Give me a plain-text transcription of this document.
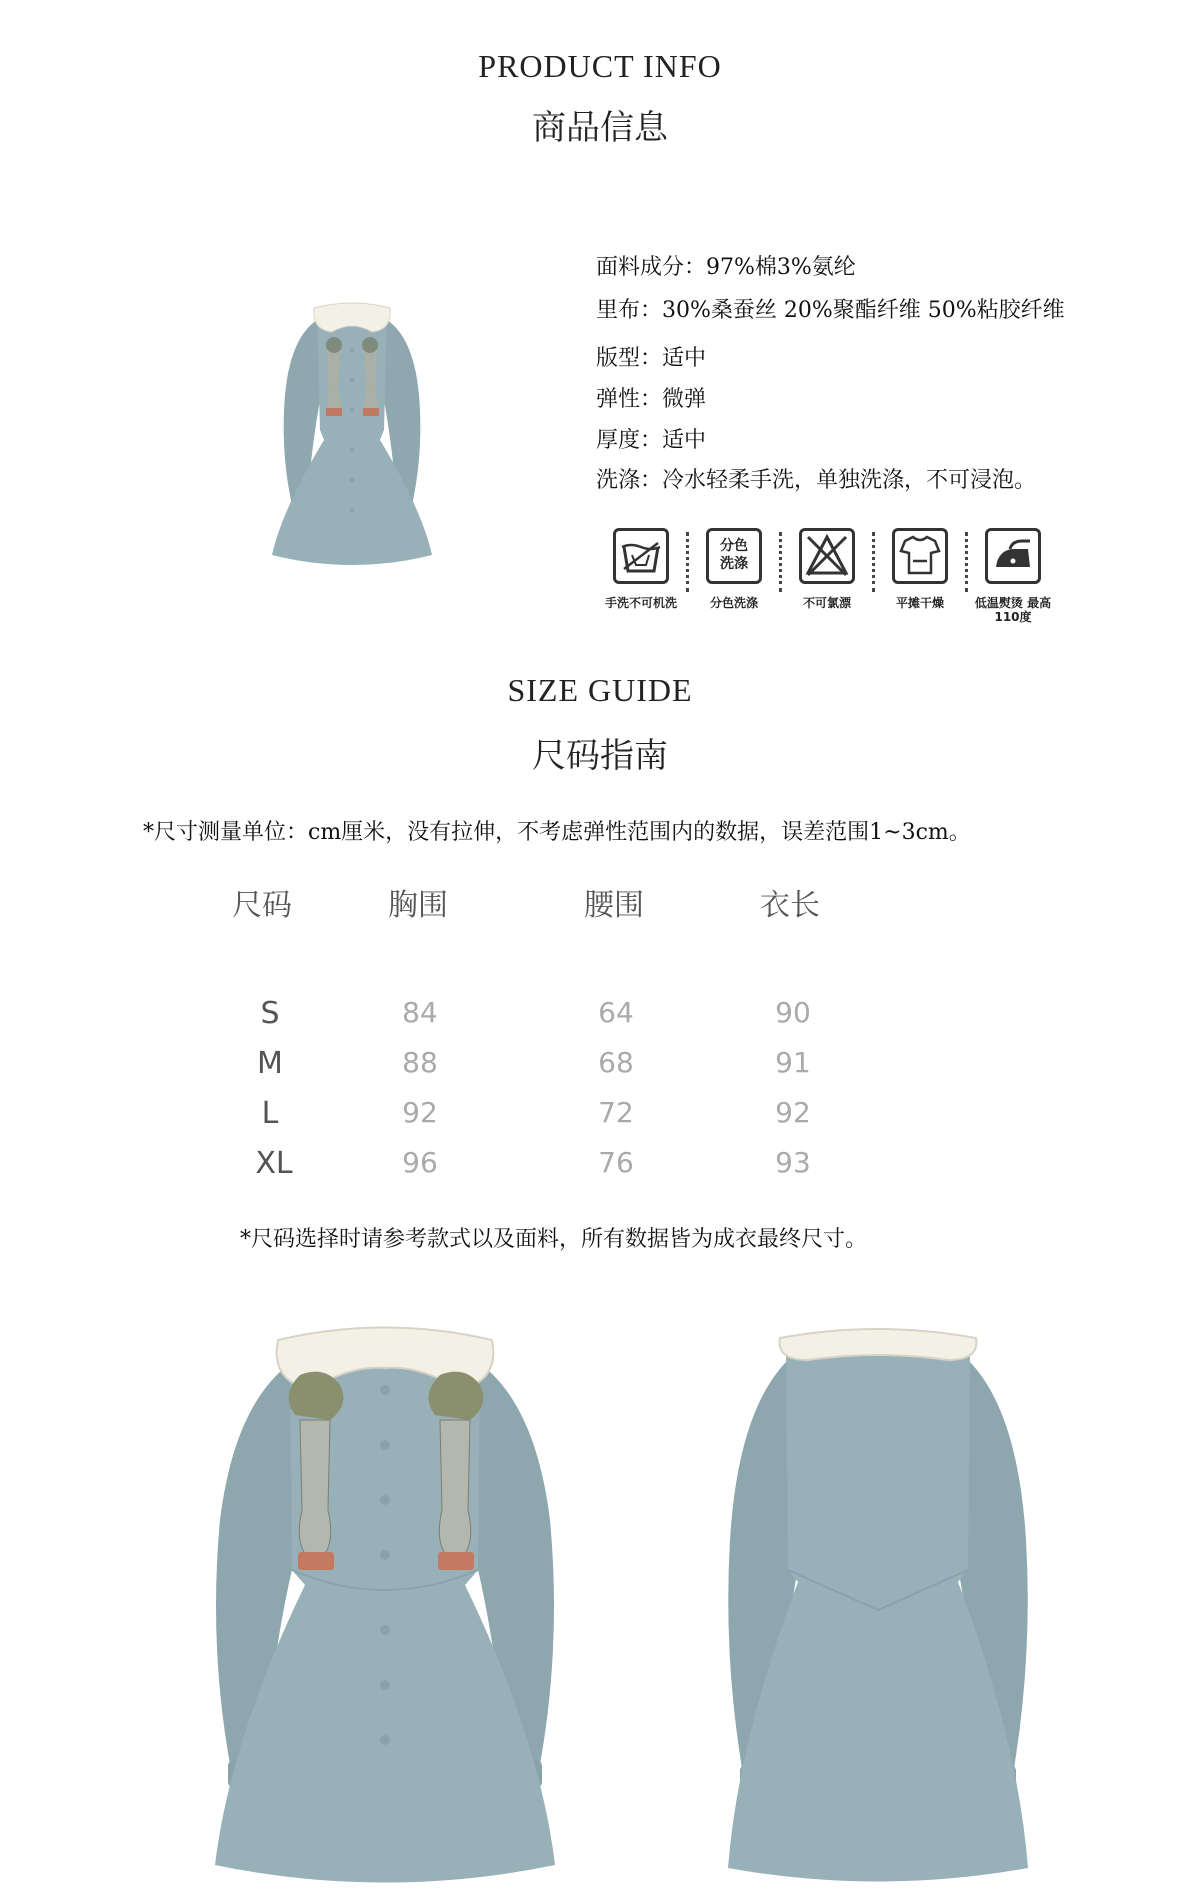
PRODUCT INFO
商品信息
面料成分：97%棉3%氨纶
里布：30%桑蚕丝 20%聚酯纤维 50%粘胶纤维
版型：适中
弹性：微弹
厚度：适中
洗涤：冷水轻柔手洗，单独洗涤，不可浸泡。
手洗不可机洗
分色洗涤
分色洗涤	不可氯漂	平摊干燥	低温熨烫 最高110度
SIZE GUIDE
尺码指南
*尺寸测量单位：cm厘米，没有拉伸，不考虑弹性范围内的数据，误差范围1~3cm。
尺码	胸围	腰围	衣长
S	84	64	90
M	88	68	91
L	92	72	92
XL	96	76	93
*尺码选择时请参考款式以及面料，所有数据皆为成衣最终尺寸。
